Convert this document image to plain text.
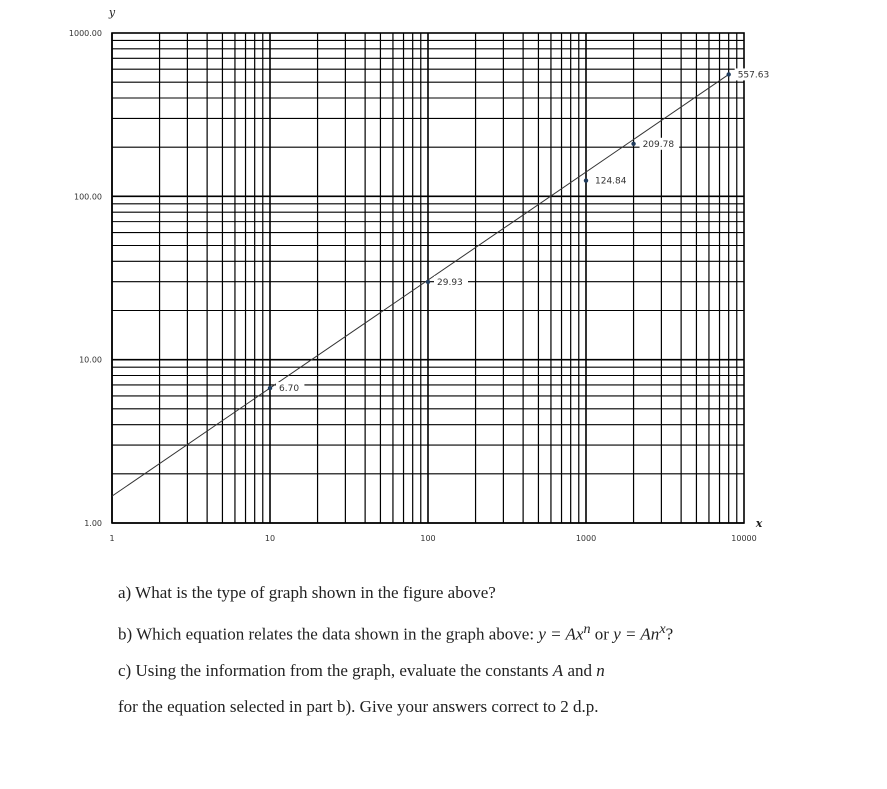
6.70
29.93
124.84
209.78
557.63
1	10	100	1000	10000
1.00
10.00
100.00
1000.00
y
x

a) What is the type of graph shown in the figure above?

b) Which equation relates the data shown in the graph above: $y = Ax^n$ or $y = An^x$?

c) Using the information from the graph, evaluate the constants A and n

for the equation selected in part b). Give your answers correct to 2 d.p.
